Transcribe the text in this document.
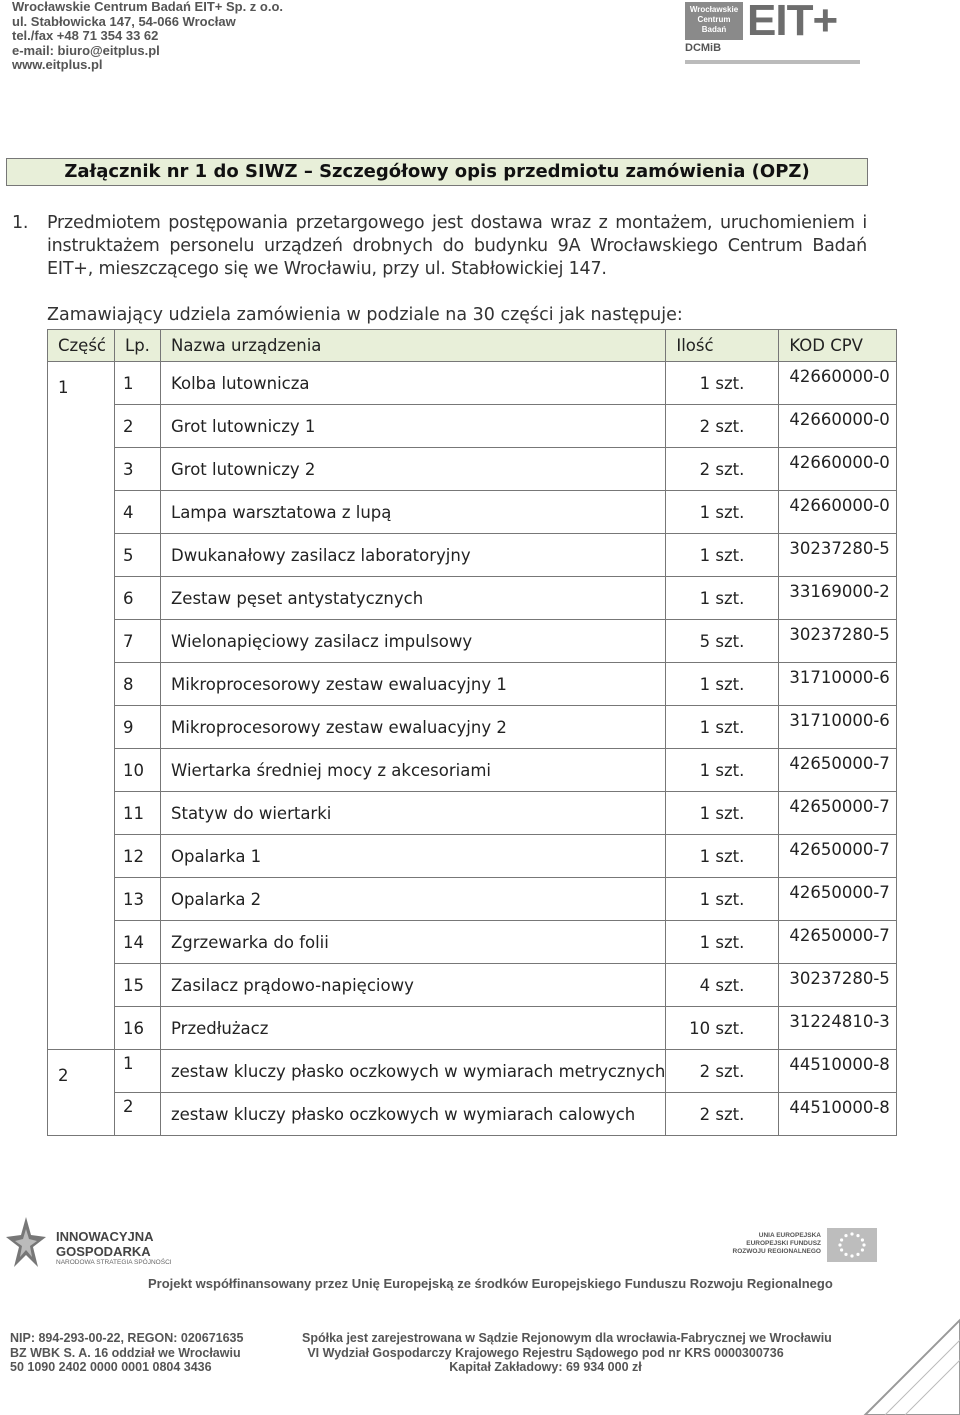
Wrocławskie Centrum Badań EIT+ Sp. z o.o.
ul. Stabłowicka 147, 54-066 Wrocław
tel./fax +48 71 354 33 62
e-mail: biuro@eitplus.pl
www.eitplus.pl
Wrocławskie
Centrum
Badań EIT+
DCMiB
Załącznik nr 1 do SIWZ – Szczegółowy opis przedmiotu zamówienia (OPZ)
1. Przedmiotem postępowania przetargowego jest dostawa wraz z montażem, uruchomieniem i instruktażem personelu urządzeń drobnych do budynku 9A Wrocławskiego Centrum Badań EIT+, mieszczącego się we Wrocławiu, przy ul. Stabłowickiej 147.
Zamawiający udziela zamówienia w podziale na 30 części jak następuje:
Część	Lp.	Nazwa urządzenia	Ilość	KOD CPV
1	1	Kolba lutownicza	1 szt.	42660000-0
	2	Grot lutowniczy 1	2 szt.	42660000-0
	3	Grot lutowniczy 2	2 szt.	42660000-0
	4	Lampa warsztatowa z lupą	1 szt.	42660000-0
	5	Dwukanałowy zasilacz laboratoryjny	1 szt.	30237280-5
	6	Zestaw pęset antystatycznych	1 szt.	33169000-2
	7	Wielonapięciowy zasilacz impulsowy	5 szt.	30237280-5
	8	Mikroprocesorowy zestaw ewaluacyjny 1	1 szt.	31710000-6
	9	Mikroprocesorowy zestaw ewaluacyjny 2	1 szt.	31710000-6
	10	Wiertarka średniej mocy z akcesoriami	1 szt.	42650000-7
	11	Statyw do wiertarki	1 szt.	42650000-7
	12	Opalarka 1	1 szt.	42650000-7
	13	Opalarka 2	1 szt.	42650000-7
	14	Zgrzewarka do folii	1 szt.	42650000-7
	15	Zasilacz prądowo-napięciowy	4 szt.	30237280-5
	16	Przedłużacz	10 szt.	31224810-3
2	1	zestaw kluczy płasko oczkowych w wymiarach metrycznych	2 szt.	44510000-8
	2	zestaw kluczy płasko oczkowych w wymiarach calowych	2 szt.	44510000-8
INNOWACYJNA
GOSPODARKA
NARODOWA STRATEGIA SPÓJNOŚCI
UNIA EUROPEJSKA
EUROPEJSKI FUNDUSZ
ROZWOJU REGIONALNEGO
Projekt współfinansowany przez Unię Europejską ze środków Europejskiego Funduszu Rozwoju Regionalnego
NIP: 894-293-00-22, REGON: 020671635
BZ WBK S. A. 16 oddział we Wrocławiu
50 1090 2402 0000 0001 0804 3436
Spółka jest zarejestrowana w Sądzie Rejonowym dla wrocławia-Fabrycznej we Wrocławiu
VI Wydział Gospodarczy Krajowego Rejestru Sądowego pod nr KRS 0000300736
Kapitał Zakładowy: 69 934 000 zł
